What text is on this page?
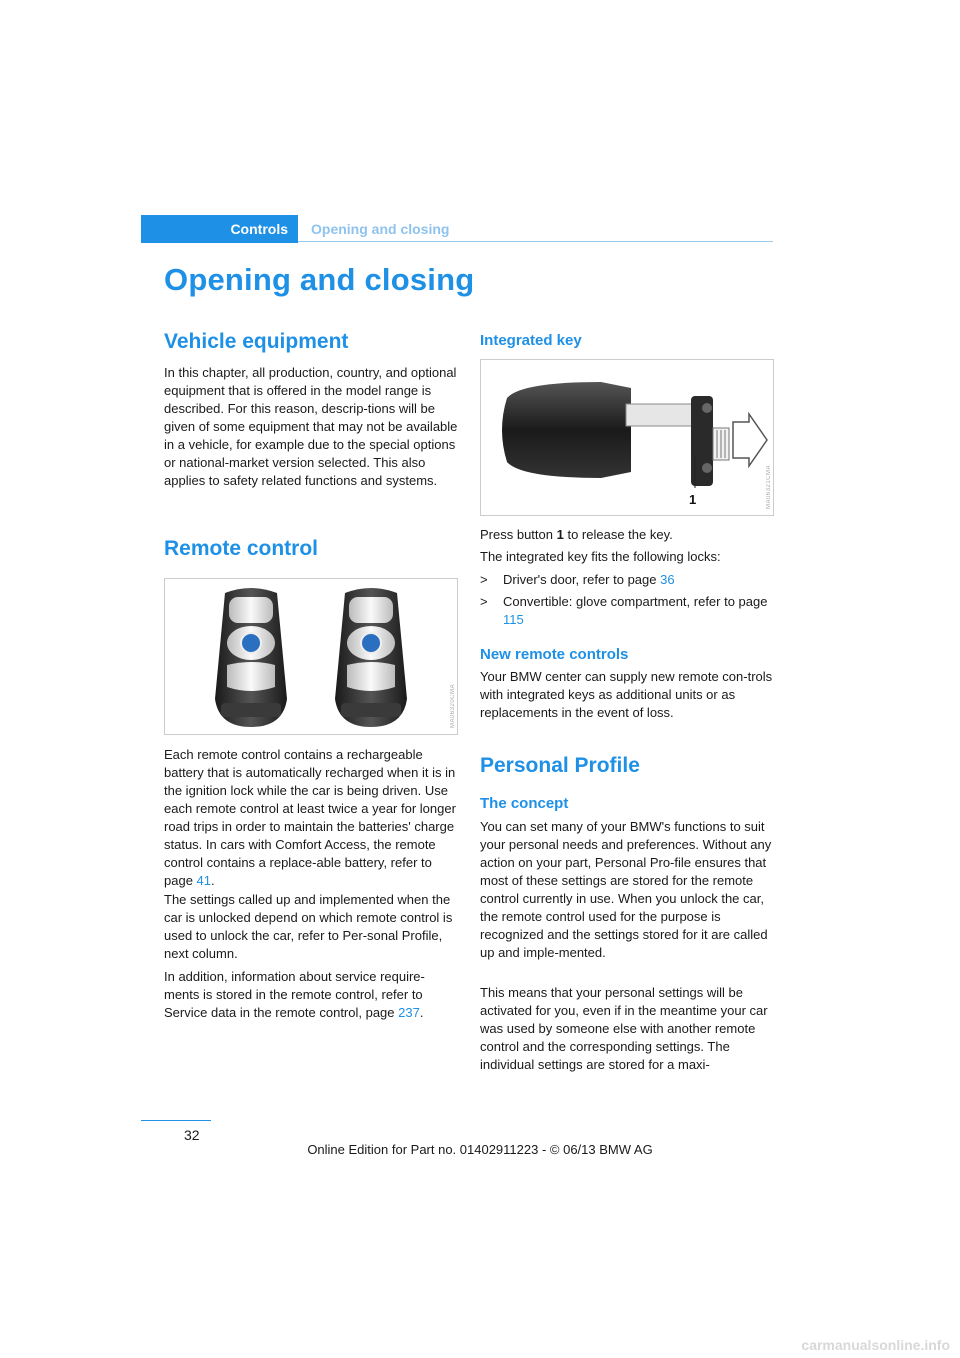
Controls	Opening and closing
Opening and closing
Vehicle equipment

In this chapter, all production, country, and optional equipment that is offered in the model range is described. For this reason, descrip-tions will be given of some equipment that may not be available in a vehicle, for example due to the special options or national-market version selected. This also applies to safety related functions and systems.

Remote control
MA06320CMA

Each remote control contains a rechargeable battery that is automatically recharged when it is in the ignition lock while the car is being driven. Use each remote control at least twice a year for longer road trips in order to maintain the batteries' charge status. In cars with Comfort Access, the remote control contains a replace-able battery, refer to page 41.

The settings called up and implemented when the car is unlocked depend on which remote control is used to unlock the car, refer to Per-sonal Profile, next column.

In addition, information about service require-ments is stored in the remote control, refer to Service data in the remote control, page 237.

Integrated key
1	MA06321CMA

Press button 1 to release the key.

The integrated key fits the following locks:

> Driver's door, refer to page 36
> Convertible: glove compartment, refer to page 115
New remote controls

Your BMW center can supply new remote con-trols with integrated keys as additional units or as replacements in the event of loss.

Personal Profile
The concept

You can set many of your BMW's functions to suit your personal needs and preferences. Without any action on your part, Personal Pro-file ensures that most of these settings are stored for the remote control currently in use. When you unlock the car, the remote control used for the purpose is recognized and the settings stored for it are called up and imple-mented.

This means that your personal settings will be activated for you, even if in the meantime your car was used by someone else with another remote control and the corresponding settings. The individual settings are stored for a maxi-

32
Online Edition for Part no. 01402911223 - © 06/13 BMW AG
carmanualsonline.info
